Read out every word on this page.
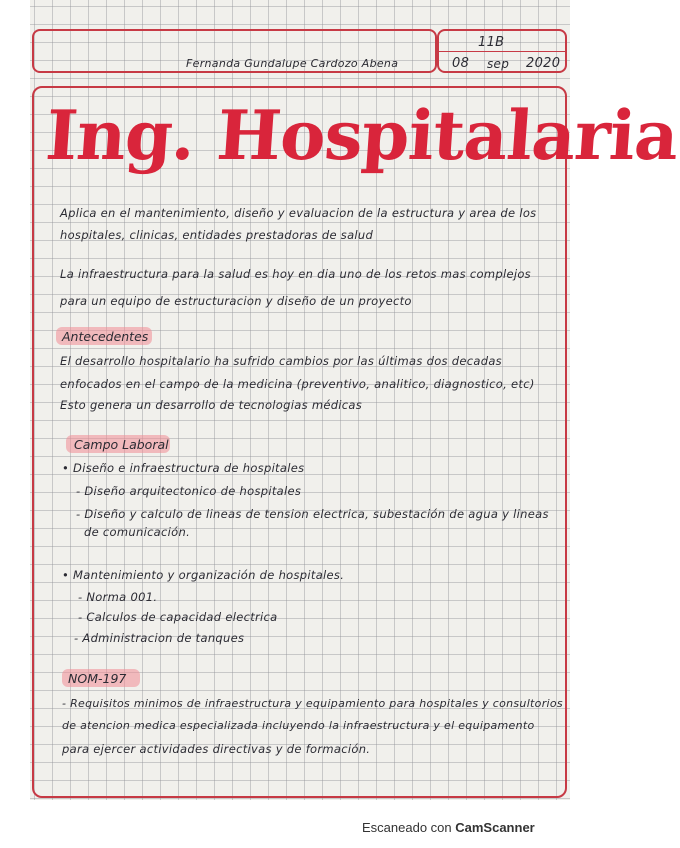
Fernanda Gundalupe Cardozo Abena
11B
08 sep 2020
Ing. Hospitalaria
Aplica en el mantenimiento, diseño y evaluacion de la estructura y area de los
hospitales, clinicas, entidades prestadoras de salud
La infraestructura para la salud es hoy en dia uno de los retos mas complejos
para un equipo de estructuracion y diseño de un proyecto
Antecedentes
El desarrollo hospitalario ha sufrido cambios por las últimas dos decadas
enfocados en el campo de la medicina (preventivo, analitico, diagnostico, etc)
Esto genera un desarrollo de tecnologias médicas
Campo Laboral
• Diseño e infraestructura de hospitales
- Diseño arquitectonico de hospitales
- Diseño y calculo de lineas de tension electrica, subestación de agua y lineas
de comunicación.
• Mantenimiento y organización de hospitales.
- Norma 001.
- Calculos de capacidad electrica
- Administracion de tanques
NOM-197
- Requisitos minimos de infraestructura y equipamiento para hospitales y consultorios
de atencion medica especializada incluyendo la infraestructura y el equipamento
para ejercer actividades directivas y de formación.
Escaneado con CamScanner
